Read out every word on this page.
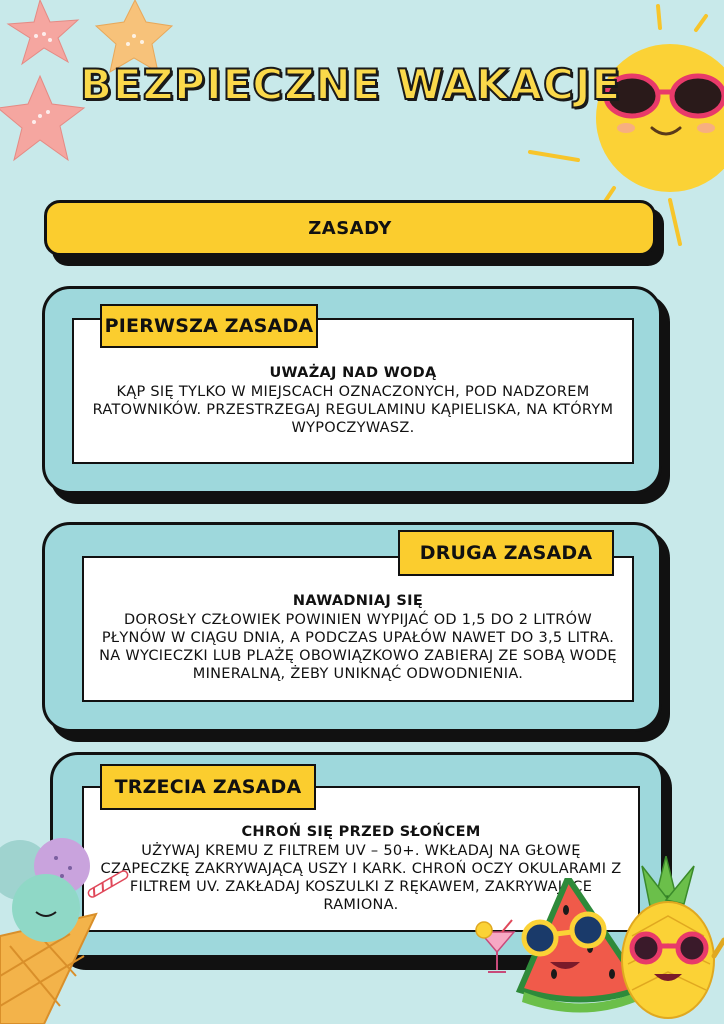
BEZPIECZNE WAKACJE
ZASADY
UWAŻAJ NAD WODĄ
KĄP SIĘ TYLKO W MIEJSCACH OZNACZONYCH, POD NADZOREM RATOWNIKÓW. PRZESTRZEGAJ REGULAMINU KĄPIELISKA, NA KTÓRYM WYPOCZYWASZ.
PIERWSZA ZASADA
NAWADNIAJ SIĘ
DOROSŁY CZŁOWIEK POWINIEN WYPIJAĆ OD 1,5 DO 2 LITRÓW PŁYNÓW W CIĄGU DNIA, A PODCZAS UPAŁÓW NAWET DO 3,5 LITRA. NA WYCIECZKI LUB PLAŻĘ OBOWIĄZKOWO ZABIERAJ ZE SOBĄ WODĘ MINERALNĄ, ŻEBY UNIKNĄĆ ODWODNIENIA.
DRUGA ZASADA
CHROŃ SIĘ PRZED SŁOŃCEM
UŻYWAJ KREMU Z FILTREM UV – 50+. WKŁADAJ NA GŁOWĘ CZAPECZKĘ ZAKRYWAJĄCĄ USZY I KARK. CHROŃ OCZY OKULARAMI Z FILTREM UV. ZAKŁADAJ KOSZULKI Z RĘKAWEM, ZAKRYWAJĄCE RAMIONA.
TRZECIA ZASADA
